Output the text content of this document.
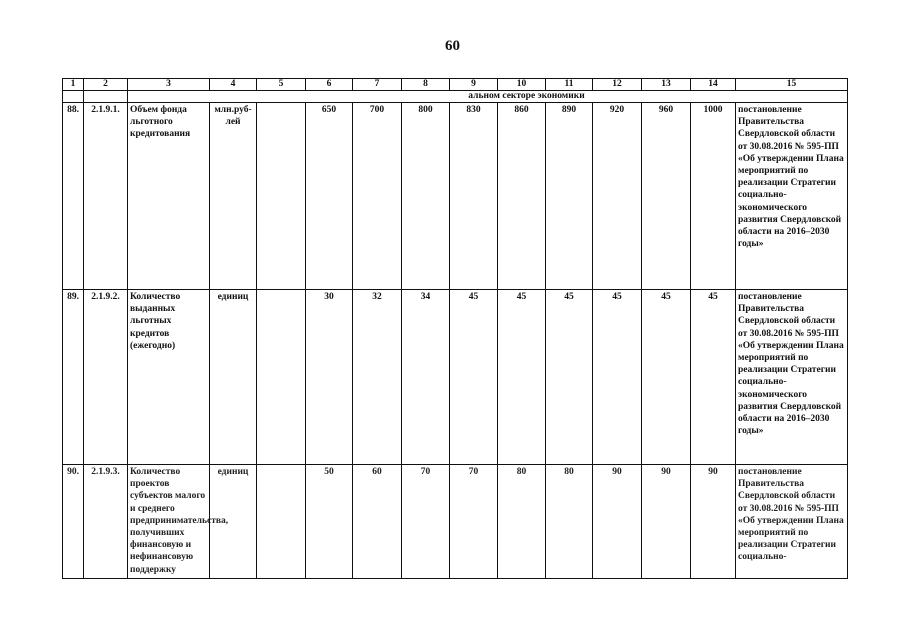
60
1	2	3	4	5	6	7	8	9	10	11	12	13	14	15
		альном секторе экономики												
88.	2.1.9.1.	Объем фонда льготного кредитования	млн.руб-лей		650	700	800	830	860	890	920	960	1000	постановление Правительства Свердловской области от 30.08.2016 № 595-ПП «Об утверждении Плана мероприятий по реализации Стратегии социально-экономического развития Свердловской области на 2016–2030 годы»
89.	2.1.9.2.	Количество выданных льготных кредитов (ежегодно)	единиц		30	32	34	45	45	45	45	45	45	постановление Правительства Свердловской области от 30.08.2016 № 595-ПП «Об утверждении Плана мероприятий по реализации Стратегии социально-экономического развития Свердловской области на 2016–2030 годы»
90.	2.1.9.3.	Количество проектов субъектов малого и среднего предпринимательства, получивших финансовую и нефинансовую поддержку	единиц		50	60	70	70	80	80	90	90	90	постановление Правительства Свердловской области от 30.08.2016 № 595-ПП «Об утверждении Плана мероприятий по реализации Стратегии социально-
